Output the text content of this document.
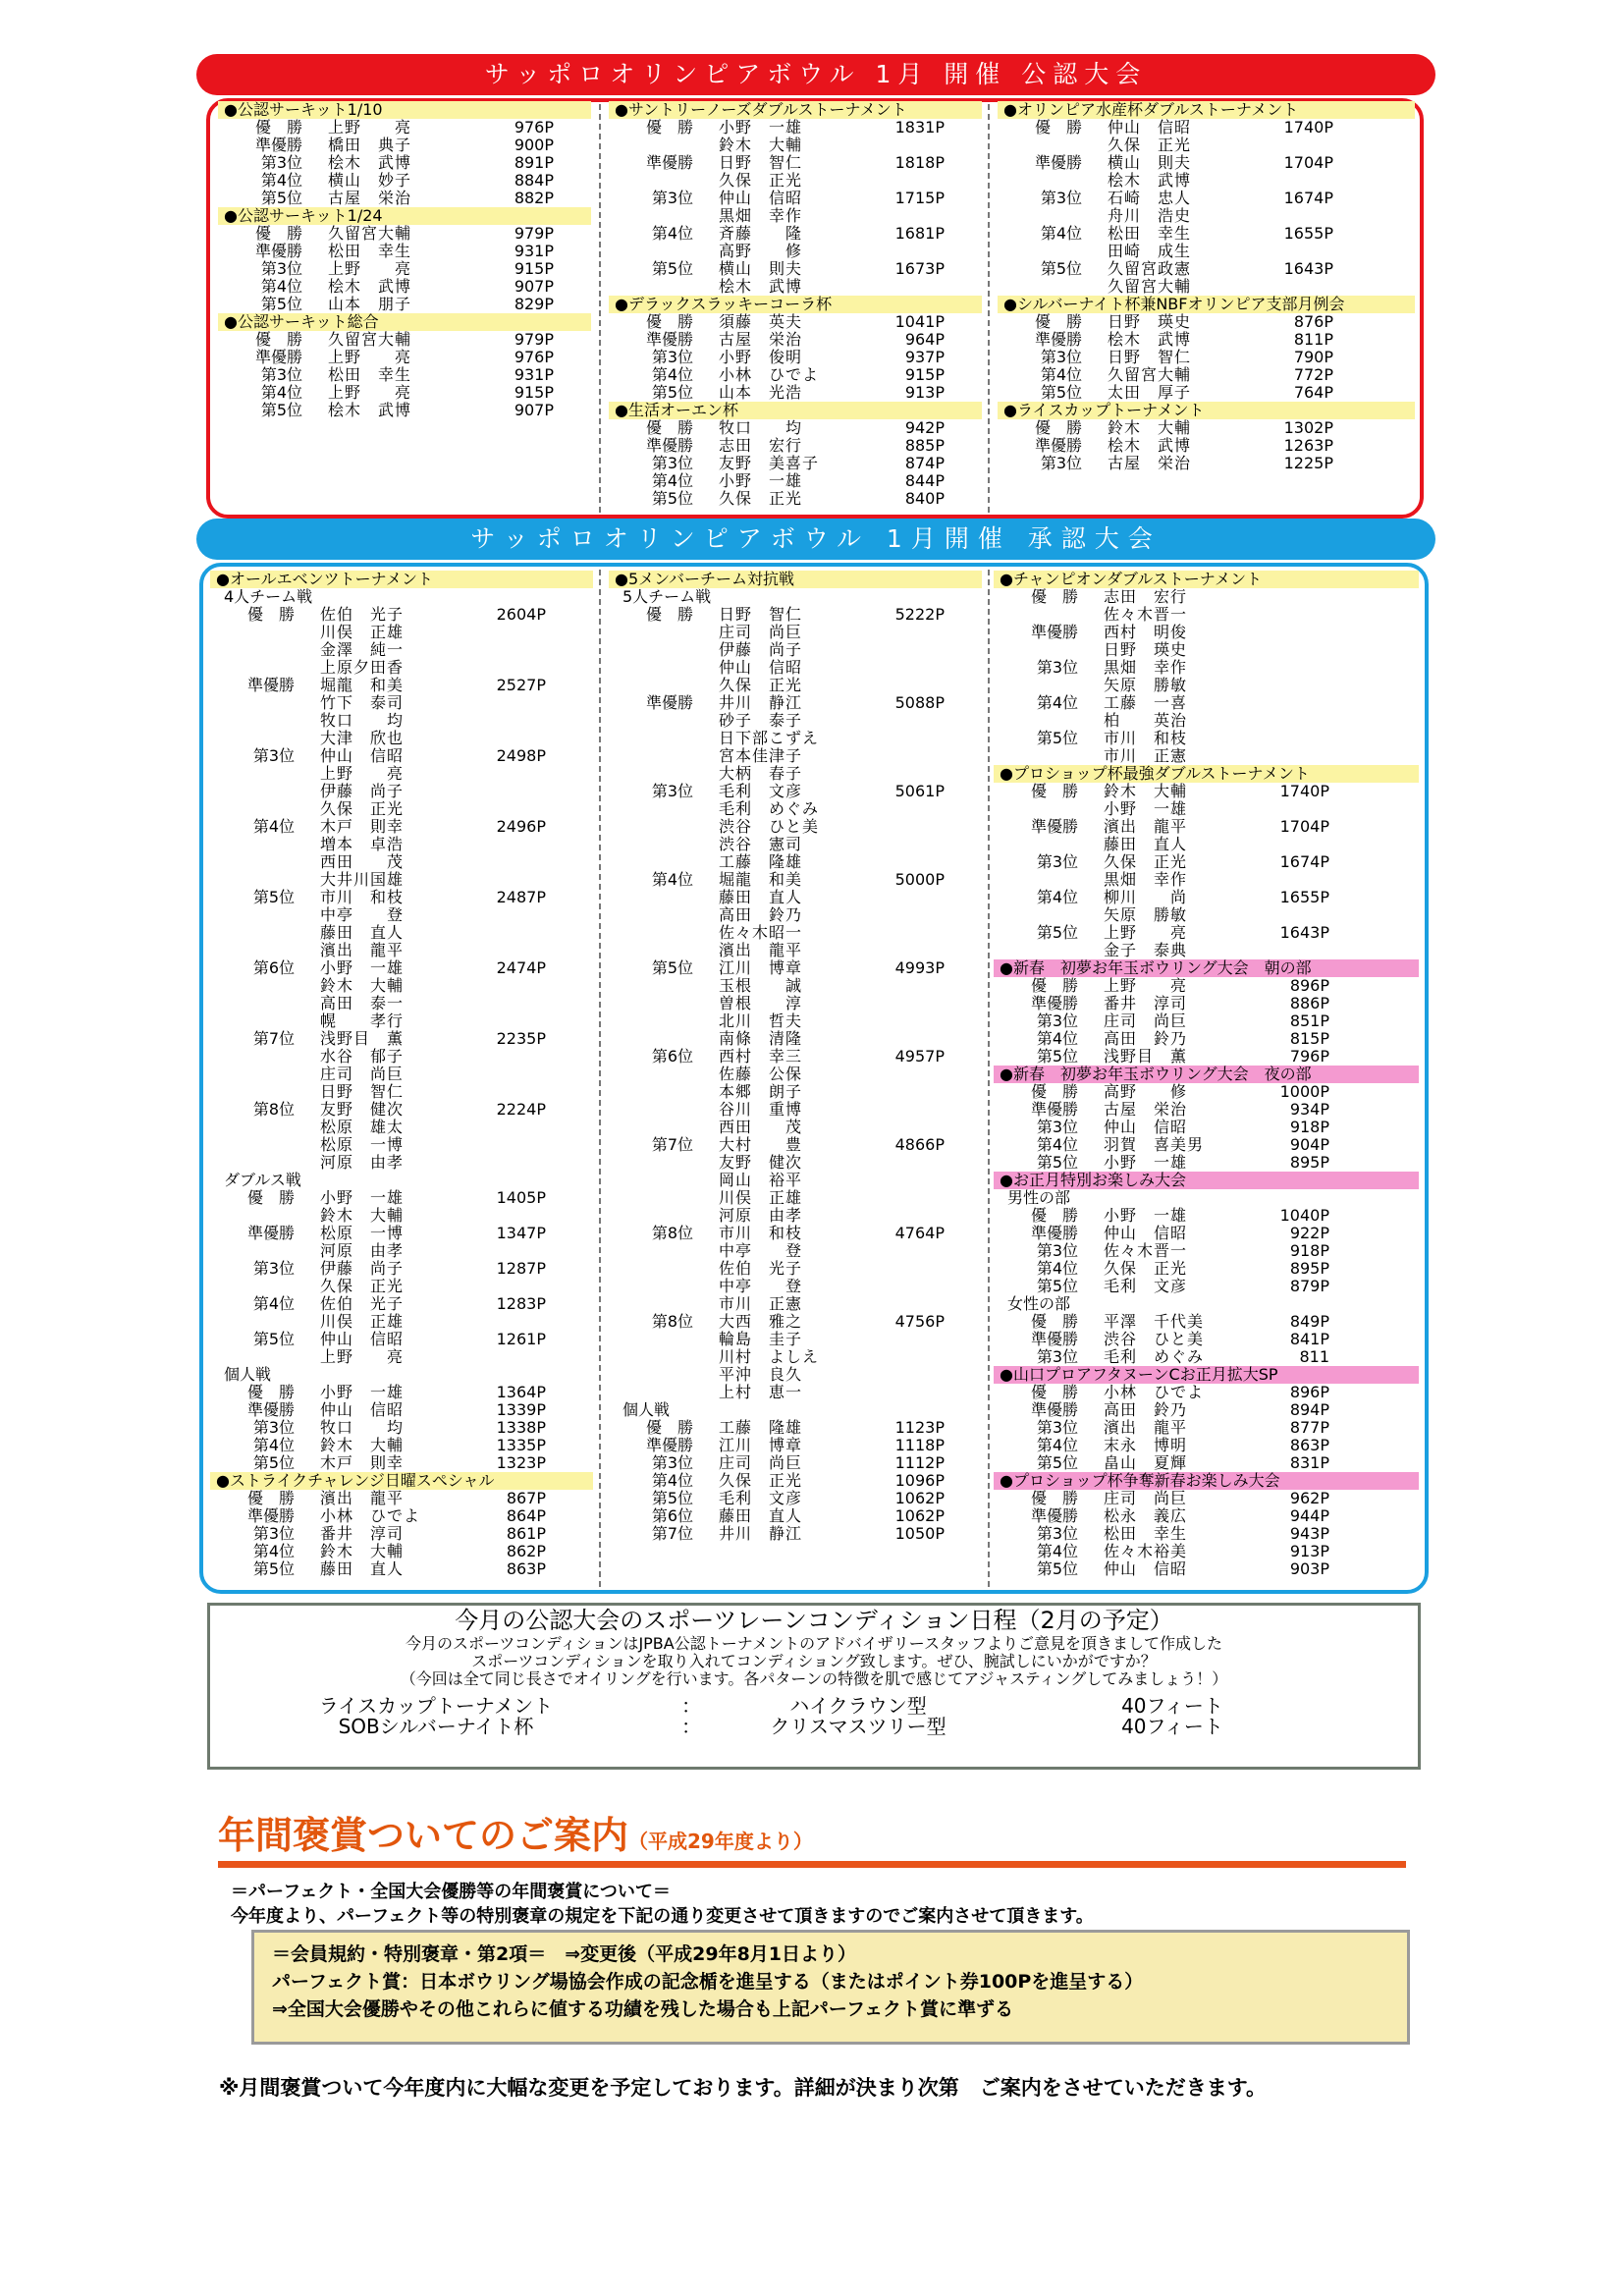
サッポロオリンピアボウル 1月 開催 公認大会
●公認サーキット1/10
優　勝	上野　　亮	976P
準優勝	橋田　典子	900P
第3位	桧木　武博	891P
第4位	横山　妙子	884P
第5位	古屋　栄治	882P
●公認サーキット1/24
優　勝	久留宮大輔	979P
準優勝	松田　幸生	931P
第3位	上野　　亮	915P
第4位	桧木　武博	907P
第5位	山本　朋子	829P
●公認サーキット総合
優　勝	久留宮大輔	979P
準優勝	上野　　亮	976P
第3位	松田　幸生	931P
第4位	上野　　亮	915P
第5位	桧木　武博	907P
●サントリーノーズダブルストーナメント
優　勝	小野　一雄	1831P
鈴木　大輔
準優勝	日野　智仁	1818P
久保　正光
第3位	仲山　信昭	1715P
黒畑　幸作
第4位	斉藤　　隆	1681P
高野　　修
第5位	横山　則夫	1673P
桧木　武博
●デラックスラッキーコーラ杯
優　勝	須藤　英夫	1041P
準優勝	古屋　栄治	964P
第3位	小野　俊明	937P
第4位	小林　ひでよ	915P
第5位	山本　光浩	913P
●生活オーエン杯
優　勝	牧口　　均	942P
準優勝	志田　宏行	885P
第3位	友野　美喜子	874P
第4位	小野　一雄	844P
第5位	久保　正光	840P
●オリンピア水産杯ダブルストーナメント
優　勝	仲山　信昭	1740P
久保　正光
準優勝	横山　則夫	1704P
桧木　武博
第3位	石崎　忠人	1674P
舟川　浩史
第4位	松田　幸生	1655P
田崎　成生
第5位	久留宮政憲	1643P
久留宮大輔
●シルバーナイト杯兼NBFオリンピア支部月例会
優　勝	日野　瑛史	876P
準優勝	桧木　武博	811P
第3位	日野　智仁	790P
第4位	久留宮大輔	772P
第5位	太田　厚子	764P
●ライスカップトーナメント
優　勝	鈴木　大輔	1302P
準優勝	桧木　武博	1263P
第3位	古屋　栄治	1225P
サッポロオリンピアボウル 1月開催 承認大会
●オールエベンツトーナメント
4人チーム戦
優　勝	佐伯　光子	2604P
川俣　正雄
金澤　純一
上原夕田香
準優勝	堀龍　和美	2527P
竹下　泰司
牧口　　均
大津　欣也
第3位	仲山　信昭	2498P
上野　　亮
伊藤　尚子
久保　正光
第4位	木戸　則幸	2496P
増本　卓浩
西田　　茂
大井川国雄
第5位	市川　和枝	2487P
中亭　　登
藤田　直人
濱出　龍平
第6位	小野　一雄	2474P
鈴木　大輔
高田　泰一
幌　　孝行
第7位	浅野目　薫	2235P
水谷　郁子
庄司　尚巨
日野　智仁
第8位	友野　健次	2224P
松原　雄太
松原　一博
河原　由孝
ダブルス戦
優　勝	小野　一雄	1405P
鈴木　大輔
準優勝	松原　一博	1347P
河原　由孝
第3位	伊藤　尚子	1287P
久保　正光
第4位	佐伯　光子	1283P
川俣　正雄
第5位	仲山　信昭	1261P
上野　　亮
個人戦
優　勝	小野　一雄	1364P
準優勝	仲山　信昭	1339P
第3位	牧口　　均	1338P
第4位	鈴木　大輔	1335P
第5位	木戸　則幸	1323P
●ストライクチャレンジ日曜スペシャル
優　勝	濱出　龍平	867P
準優勝	小林　ひでよ	864P
第3位	番井　淳司	861P
第4位	鈴木　大輔	862P
第5位	藤田　直人	863P
●5メンバーチーム対抗戦
5人チーム戦
優　勝	日野　智仁	5222P
庄司　尚巨
伊藤　尚子
仲山　信昭
久保　正光
準優勝	井川　静江	5088P
砂子　泰子
日下部こずえ
宮本佳津子
大柄　春子
第3位	毛利　文彦	5061P
毛利　めぐみ
渋谷　ひと美
渋谷　憲司
工藤　隆雄
第4位	堀龍　和美	5000P
藤田　直人
高田　鈴乃
佐々木昭一
濱出　龍平
第5位	江川　博章	4993P
玉根　　誠
曽根　　淳
北川　哲夫
南條　清隆
第6位	西村　幸三	4957P
佐藤　公保
本郷　朗子
谷川　重博
西田　　茂
第7位	大村　　豊	4866P
友野　健次
岡山　裕平
川俣　正雄
河原　由孝
第8位	市川　和枝	4764P
中亭　　登
佐伯　光子
中亭　　登
市川　正憲
第8位	大西　雅之	4756P
輪島　圭子
川村　よしえ
平沖　良久
上村　恵一
個人戦
優　勝	工藤　隆雄	1123P
準優勝	江川　博章	1118P
第3位	庄司　尚巨	1112P
第4位	久保　正光	1096P
第5位	毛利　文彦	1062P
第6位	藤田　直人	1062P
第7位	井川　静江	1050P
●チャンピオンダブルストーナメント
優　勝	志田　宏行
佐々木晋一
準優勝	西村　明俊
日野　瑛史
第3位	黒畑　幸作
矢原　勝敏
第4位	工藤　一喜
柏　　英治
第5位	市川　和枝
市川　正憲
●プロショップ杯最強ダブルストーナメント
優　勝	鈴木　大輔	1740P
小野　一雄
準優勝	濱出　龍平	1704P
藤田　直人
第3位	久保　正光	1674P
黒畑　幸作
第4位	柳川　　尚	1655P
矢原　勝敏
第5位	上野　　亮	1643P
金子　泰典
●新春　初夢お年玉ボウリング大会　朝の部
優　勝	上野　　亮	896P
準優勝	番井　淳司	886P
第3位	庄司　尚巨	851P
第4位	高田　鈴乃	815P
第5位	浅野目　薫	796P
●新春　初夢お年玉ボウリング大会　夜の部
優　勝	高野　　修	1000P
準優勝	古屋　栄治	934P
第3位	仲山　信昭	918P
第4位	羽賀　喜美男	904P
第5位	小野　一雄	895P
●お正月特別お楽しみ大会
男性の部
優　勝	小野　一雄	1040P
準優勝	仲山　信昭	922P
第3位	佐々木晋一	918P
第4位	久保　正光	895P
第5位	毛利　文彦	879P
女性の部
優　勝	平澤　千代美	849P
準優勝	渋谷　ひと美	841P
第3位	毛利　めぐみ	811
●山口プロアフタヌーンCお正月拡大SP
優　勝	小林　ひでよ	896P
準優勝	高田　鈴乃	894P
第3位	濱出　龍平	877P
第4位	末永　博明	863P
第5位	畠山　夏輝	831P
●プロショップ杯争奪新春お楽しみ大会
優　勝	庄司　尚巨	962P
準優勝	松永　義広	944P
第3位	松田　幸生	943P
第4位	佐々木裕美	913P
第5位	仲山　信昭	903P
今月の公認大会のスポーツレーンコンディション日程（2月の予定）
今月のスポーツコンディションはJPBA公認トーナメントのアドバイザリースタッフよりご意見を頂きまして作成した
スポーツコンディションを取り入れてコンディショング致します。ぜひ、腕試しにいかがですか？
（今回は全て同じ長さでオイリングを行います。各パターンの特徴を肌で感じてアジャスティングしてみましょう！）
ライスカップトーナメント	：	ハイクラウン型	40フィート
SOBシルバーナイト杯	：	クリスマスツリー型	40フィート
年間褒賞ついてのご案内（平成29年度より）
＝パーフェクト・全国大会優勝等の年間褒賞について＝
今年度より、パーフェクト等の特別褒章の規定を下記の通り変更させて頂きますのでご案内させて頂きます。
＝会員規約・特別褒章・第2項＝　⇒変更後（平成29年8月1日より）
パーフェクト賞：日本ボウリング場協会作成の記念楯を進呈する（またはポイント券100Pを進呈する）
⇒全国大会優勝やその他これらに値する功績を残した場合も上記パーフェクト賞に準ずる
※月間褒賞ついて今年度内に大幅な変更を予定しております。詳細が決まり次第　ご案内をさせていただきます。
